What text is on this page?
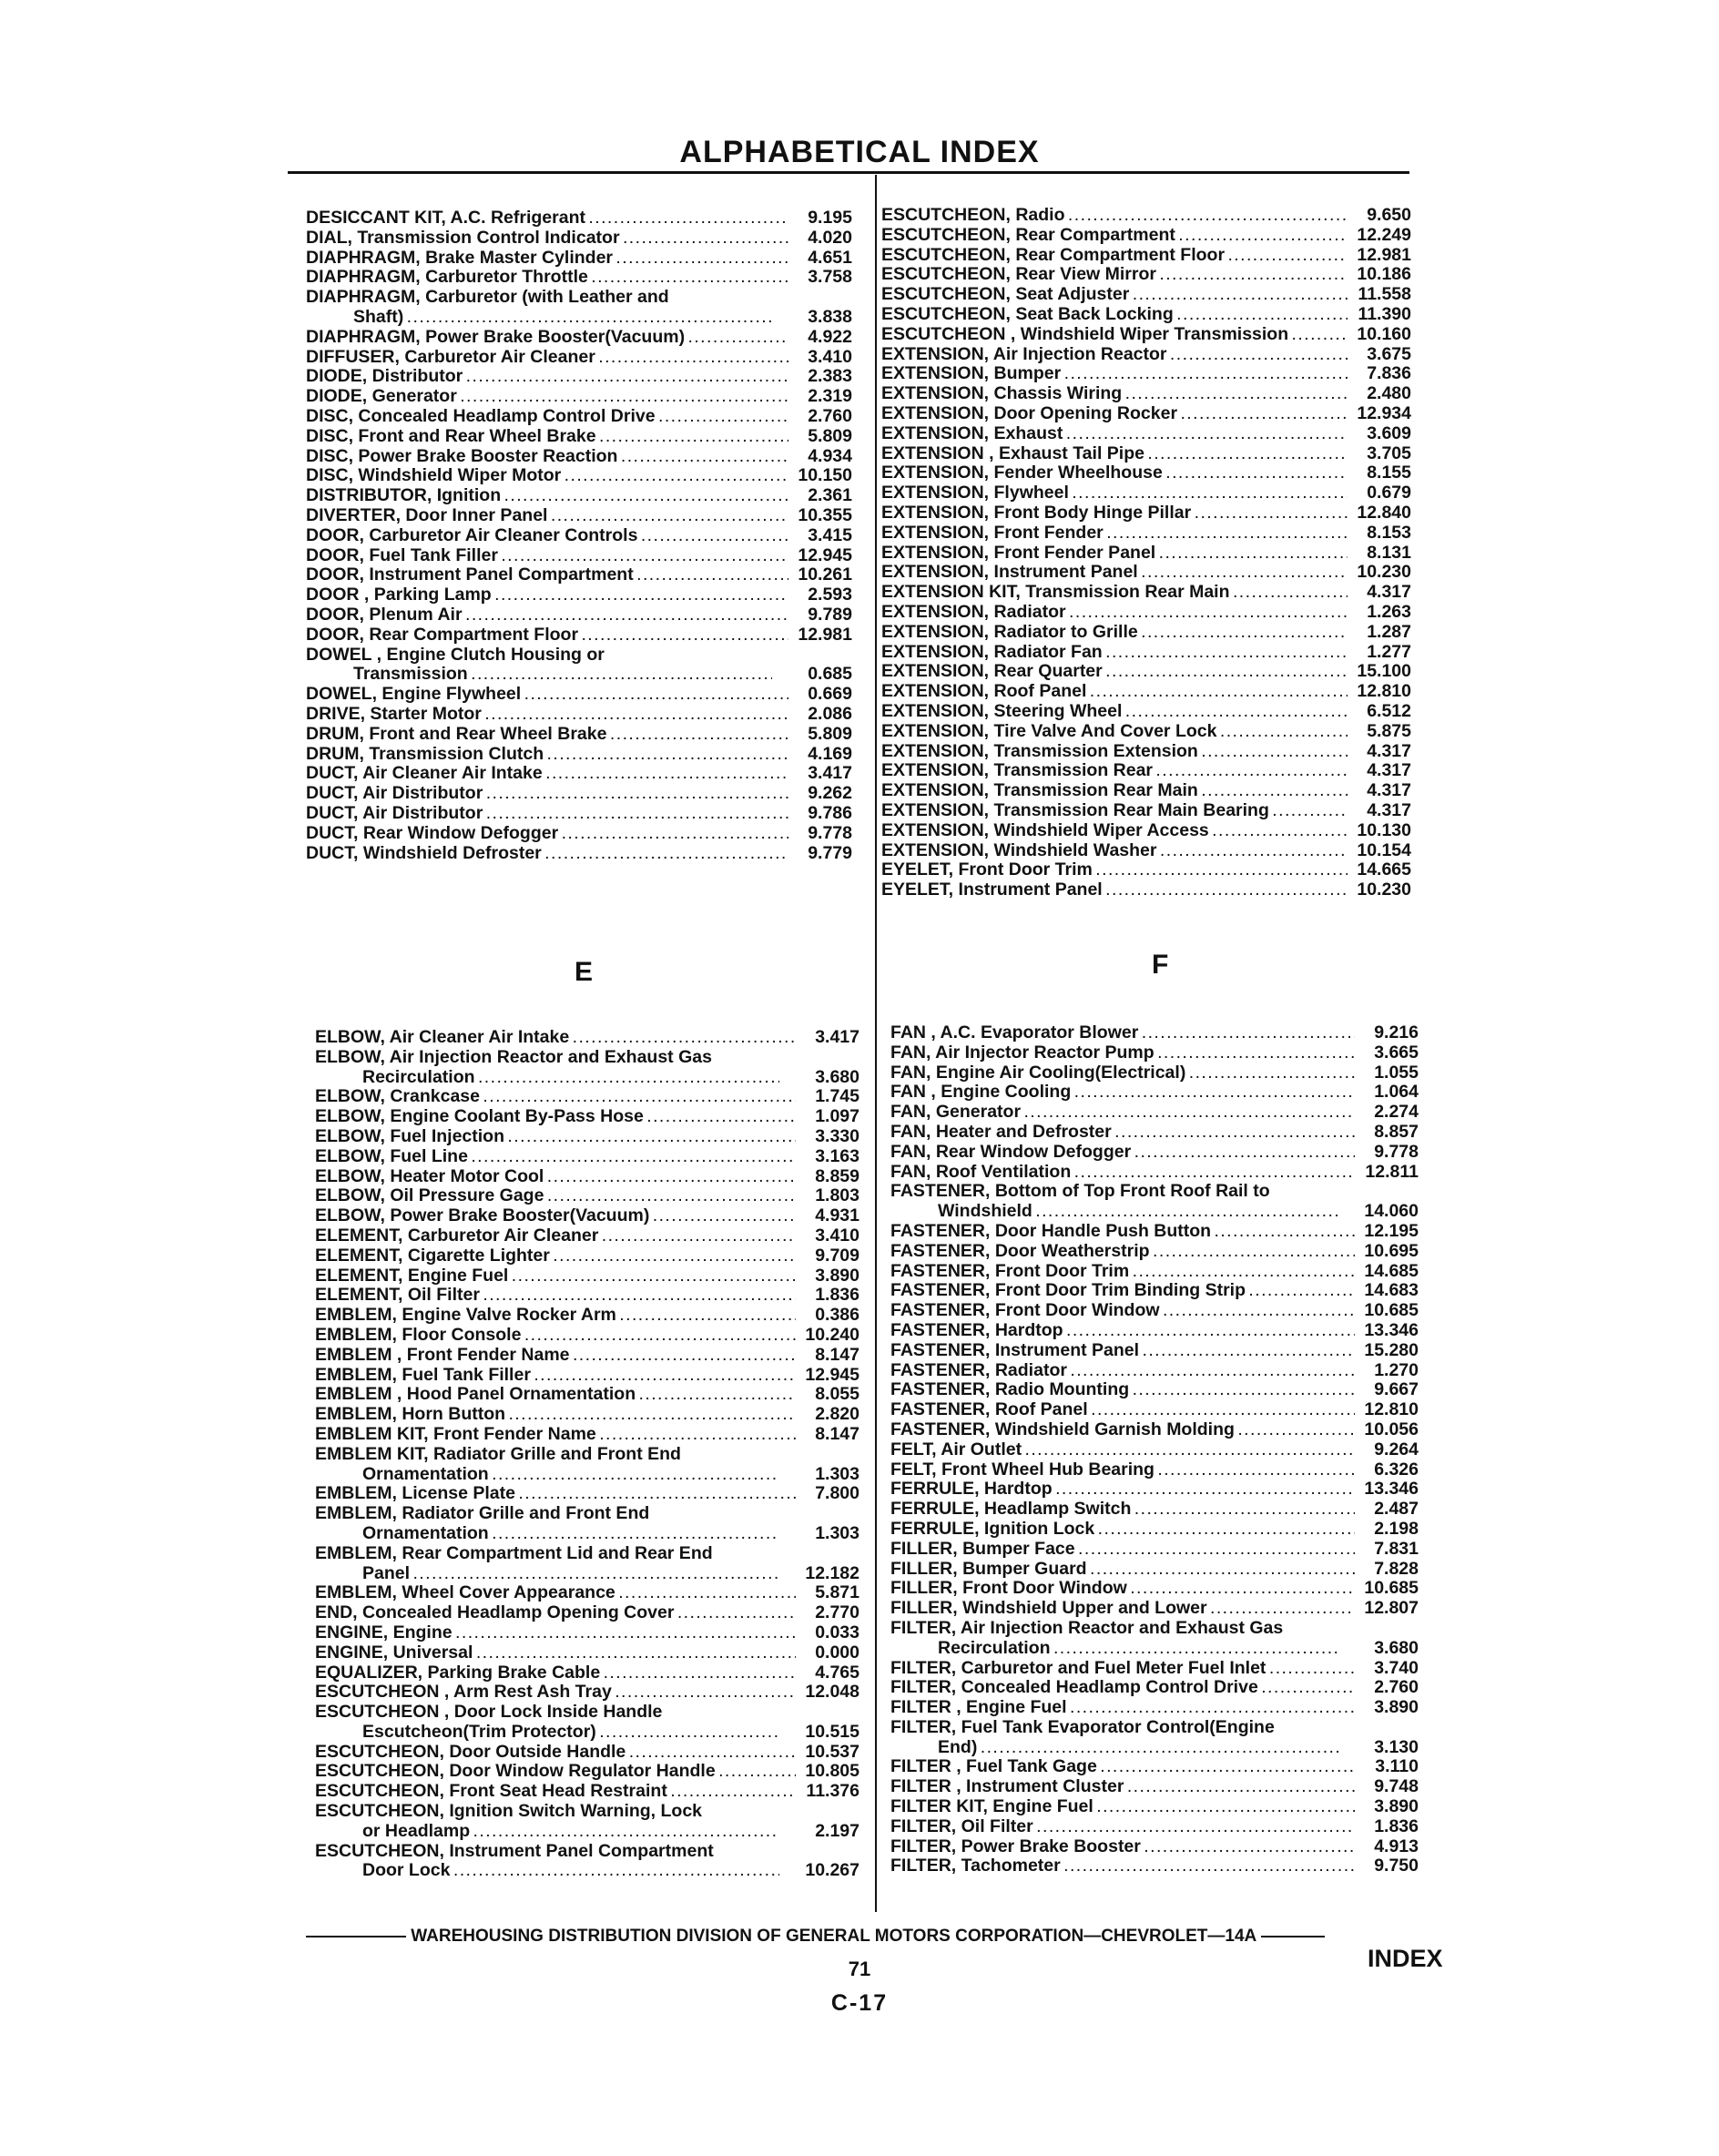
ALPHABETICAL INDEX
DESICCANT KIT, A.C. Refrigerant . . .	9.195
DIAL, Transmission Control Indicator . . .	4.020
DIAPHRAGM, Brake Master Cylinder . . .	4.651
DIAPHRAGM, Carburetor Throttle . . .	3.758
DIAPHRAGM, Carburetor (with Leather and
Shaft) . . .	3.838
DIAPHRAGM, Power Brake Booster(Vacuum) . . .	4.922
DIFFUSER, Carburetor Air Cleaner . . .	3.410
DIODE, Distributor . . .	2.383
DIODE, Generator . . .	2.319
DISC, Concealed Headlamp Control Drive . . .	2.760
DISC, Front and Rear Wheel Brake . . .	5.809
DISC, Power Brake Booster Reaction . . .	4.934
DISC, Windshield Wiper Motor . . .	10.150
DISTRIBUTOR, Ignition . . .	2.361
DIVERTER, Door Inner Panel . . .	10.355
DOOR, Carburetor Air Cleaner Controls . . .	3.415
DOOR, Fuel Tank Filler . . .	12.945
DOOR, Instrument Panel Compartment . . .	10.261
DOOR , Parking Lamp . . .	2.593
DOOR, Plenum Air . . .	9.789
DOOR, Rear Compartment Floor . . .	12.981
DOWEL , Engine Clutch Housing or
Transmission . . .	0.685
DOWEL, Engine Flywheel . . .	0.669
DRIVE, Starter Motor . . .	2.086
DRUM, Front and Rear Wheel Brake . . .	5.809
DRUM, Transmission Clutch . . .	4.169
DUCT, Air Cleaner Air Intake . . .	3.417
DUCT, Air Distributor . . .	9.262
DUCT, Air Distributor . . .	9.786
DUCT, Rear Window Defogger . . .	9.778
DUCT, Windshield Defroster . . .	9.779
ESCUTCHEON, Radio . . .	9.650
ESCUTCHEON, Rear Compartment . . .	12.249
ESCUTCHEON, Rear Compartment Floor . . .	12.981
ESCUTCHEON, Rear View Mirror . . .	10.186
ESCUTCHEON, Seat Adjuster . . .	11.558
ESCUTCHEON, Seat Back Locking . . .	11.390
ESCUTCHEON , Windshield Wiper Transmission . . .	10.160
EXTENSION, Air Injection Reactor . . .	3.675
EXTENSION, Bumper . . .	7.836
EXTENSION, Chassis Wiring . . .	2.480
EXTENSION, Door Opening Rocker . . .	12.934
EXTENSION, Exhaust . . .	3.609
EXTENSION , Exhaust Tail Pipe . . .	3.705
EXTENSION, Fender Wheelhouse . . .	8.155
EXTENSION, Flywheel . . .	0.679
EXTENSION, Front Body Hinge Pillar . . .	12.840
EXTENSION, Front Fender . . .	8.153
EXTENSION, Front Fender Panel . . .	8.131
EXTENSION, Instrument Panel . . .	10.230
EXTENSION KIT, Transmission Rear Main . . .	4.317
EXTENSION, Radiator . . .	1.263
EXTENSION, Radiator to Grille . . .	1.287
EXTENSION, Radiator Fan . . .	1.277
EXTENSION, Rear Quarter . . .	15.100
EXTENSION, Roof Panel . . .	12.810
EXTENSION, Steering Wheel . . .	6.512
EXTENSION, Tire Valve And Cover Lock . . .	5.875
EXTENSION, Transmission Extension . . .	4.317
EXTENSION, Transmission Rear . . .	4.317
EXTENSION, Transmission Rear Main . . .	4.317
EXTENSION, Transmission Rear Main Bearing . . .	4.317
EXTENSION, Windshield Wiper Access . . .	10.130
EXTENSION, Windshield Washer . . .	10.154
EYELET, Front Door Trim . . .	14.665
EYELET, Instrument Panel . . .	10.230
E	F
ELBOW, Air Cleaner Air Intake . . .	3.417
ELBOW, Air Injection Reactor and Exhaust Gas
Recirculation . . .	3.680
ELBOW, Crankcase . . .	1.745
ELBOW, Engine Coolant By-Pass Hose . . .	1.097
ELBOW, Fuel Injection . . .	3.330
ELBOW, Fuel Line . . .	3.163
ELBOW, Heater Motor Cool . . .	8.859
ELBOW, Oil Pressure Gage . . .	1.803
ELBOW, Power Brake Booster(Vacuum) . . .	4.931
ELEMENT, Carburetor Air Cleaner . . .	3.410
ELEMENT, Cigarette Lighter . . .	9.709
ELEMENT, Engine Fuel . . .	3.890
ELEMENT, Oil Filter . . .	1.836
EMBLEM, Engine Valve Rocker Arm . . .	0.386
EMBLEM, Floor Console . . .	10.240
EMBLEM , Front Fender Name . . .	8.147
EMBLEM, Fuel Tank Filler . . .	12.945
EMBLEM , Hood Panel Ornamentation . . .	8.055
EMBLEM, Horn Button . . .	2.820
EMBLEM KIT, Front Fender Name . . .	8.147
EMBLEM KIT, Radiator Grille and Front End
Ornamentation . . .	1.303
EMBLEM, License Plate . . .	7.800
EMBLEM, Radiator Grille and Front End
Ornamentation . . .	1.303
EMBLEM, Rear Compartment Lid and Rear End
Panel . . .	12.182
EMBLEM, Wheel Cover Appearance . . .	5.871
END, Concealed Headlamp Opening Cover . . .	2.770
ENGINE, Engine . . .	0.033
ENGINE, Universal . . .	0.000
EQUALIZER, Parking Brake Cable . . .	4.765
ESCUTCHEON , Arm Rest Ash Tray . . .	12.048
ESCUTCHEON , Door Lock Inside Handle
Escutcheon(Trim Protector) . . .	10.515
ESCUTCHEON, Door Outside Handle . . .	10.537
ESCUTCHEON, Door Window Regulator Handle . . .	10.805
ESCUTCHEON, Front Seat Head Restraint . . .	11.376
ESCUTCHEON, Ignition Switch Warning, Lock
or Headlamp . . .	2.197
ESCUTCHEON, Instrument Panel Compartment
Door Lock . . .	10.267
FAN , A.C. Evaporator Blower . . .	9.216
FAN, Air Injector Reactor Pump . . .	3.665
FAN, Engine Air Cooling(Electrical) . . .	1.055
FAN , Engine Cooling . . .	1.064
FAN, Generator . . .	2.274
FAN, Heater and Defroster . . .	8.857
FAN, Rear Window Defogger . . .	9.778
FAN, Roof Ventilation . . .	12.811
FASTENER, Bottom of Top Front Roof Rail to
Windshield . . .	14.060
FASTENER, Door Handle Push Button . . .	12.195
FASTENER, Door Weatherstrip . . .	10.695
FASTENER, Front Door Trim . . .	14.685
FASTENER, Front Door Trim Binding Strip . . .	14.683
FASTENER, Front Door Window . . .	10.685
FASTENER, Hardtop . . .	13.346
FASTENER, Instrument Panel . . .	15.280
FASTENER, Radiator . . .	1.270
FASTENER, Radio Mounting . . .	9.667
FASTENER, Roof Panel . . .	12.810
FASTENER, Windshield Garnish Molding . . .	10.056
FELT, Air Outlet . . .	9.264
FELT, Front Wheel Hub Bearing . . .	6.326
FERRULE, Hardtop . . .	13.346
FERRULE, Headlamp Switch . . .	2.487
FERRULE, Ignition Lock . . .	2.198
FILLER, Bumper Face . . .	7.831
FILLER, Bumper Guard . . .	7.828
FILLER, Front Door Window . . .	10.685
FILLER, Windshield Upper and Lower . . .	12.807
FILTER, Air Injection Reactor and Exhaust Gas
Recirculation . . .	3.680
FILTER, Carburetor and Fuel Meter Fuel Inlet . . .	3.740
FILTER, Concealed Headlamp Control Drive . . .	2.760
FILTER , Engine Fuel . . .	3.890
FILTER, Fuel Tank Evaporator Control(Engine
End) . . .	3.130
FILTER , Fuel Tank Gage . . .	3.110
FILTER , Instrument Cluster . . .	9.748
FILTER KIT, Engine Fuel . . .	3.890
FILTER, Oil Filter . . .	1.836
FILTER, Power Brake Booster . . .	4.913
FILTER, Tachometer . . .	9.750
WAREHOUSING DISTRIBUTION DIVISION OF GENERAL MOTORS CORPORATION—CHEVROLET—14A
INDEX
71
C-17
